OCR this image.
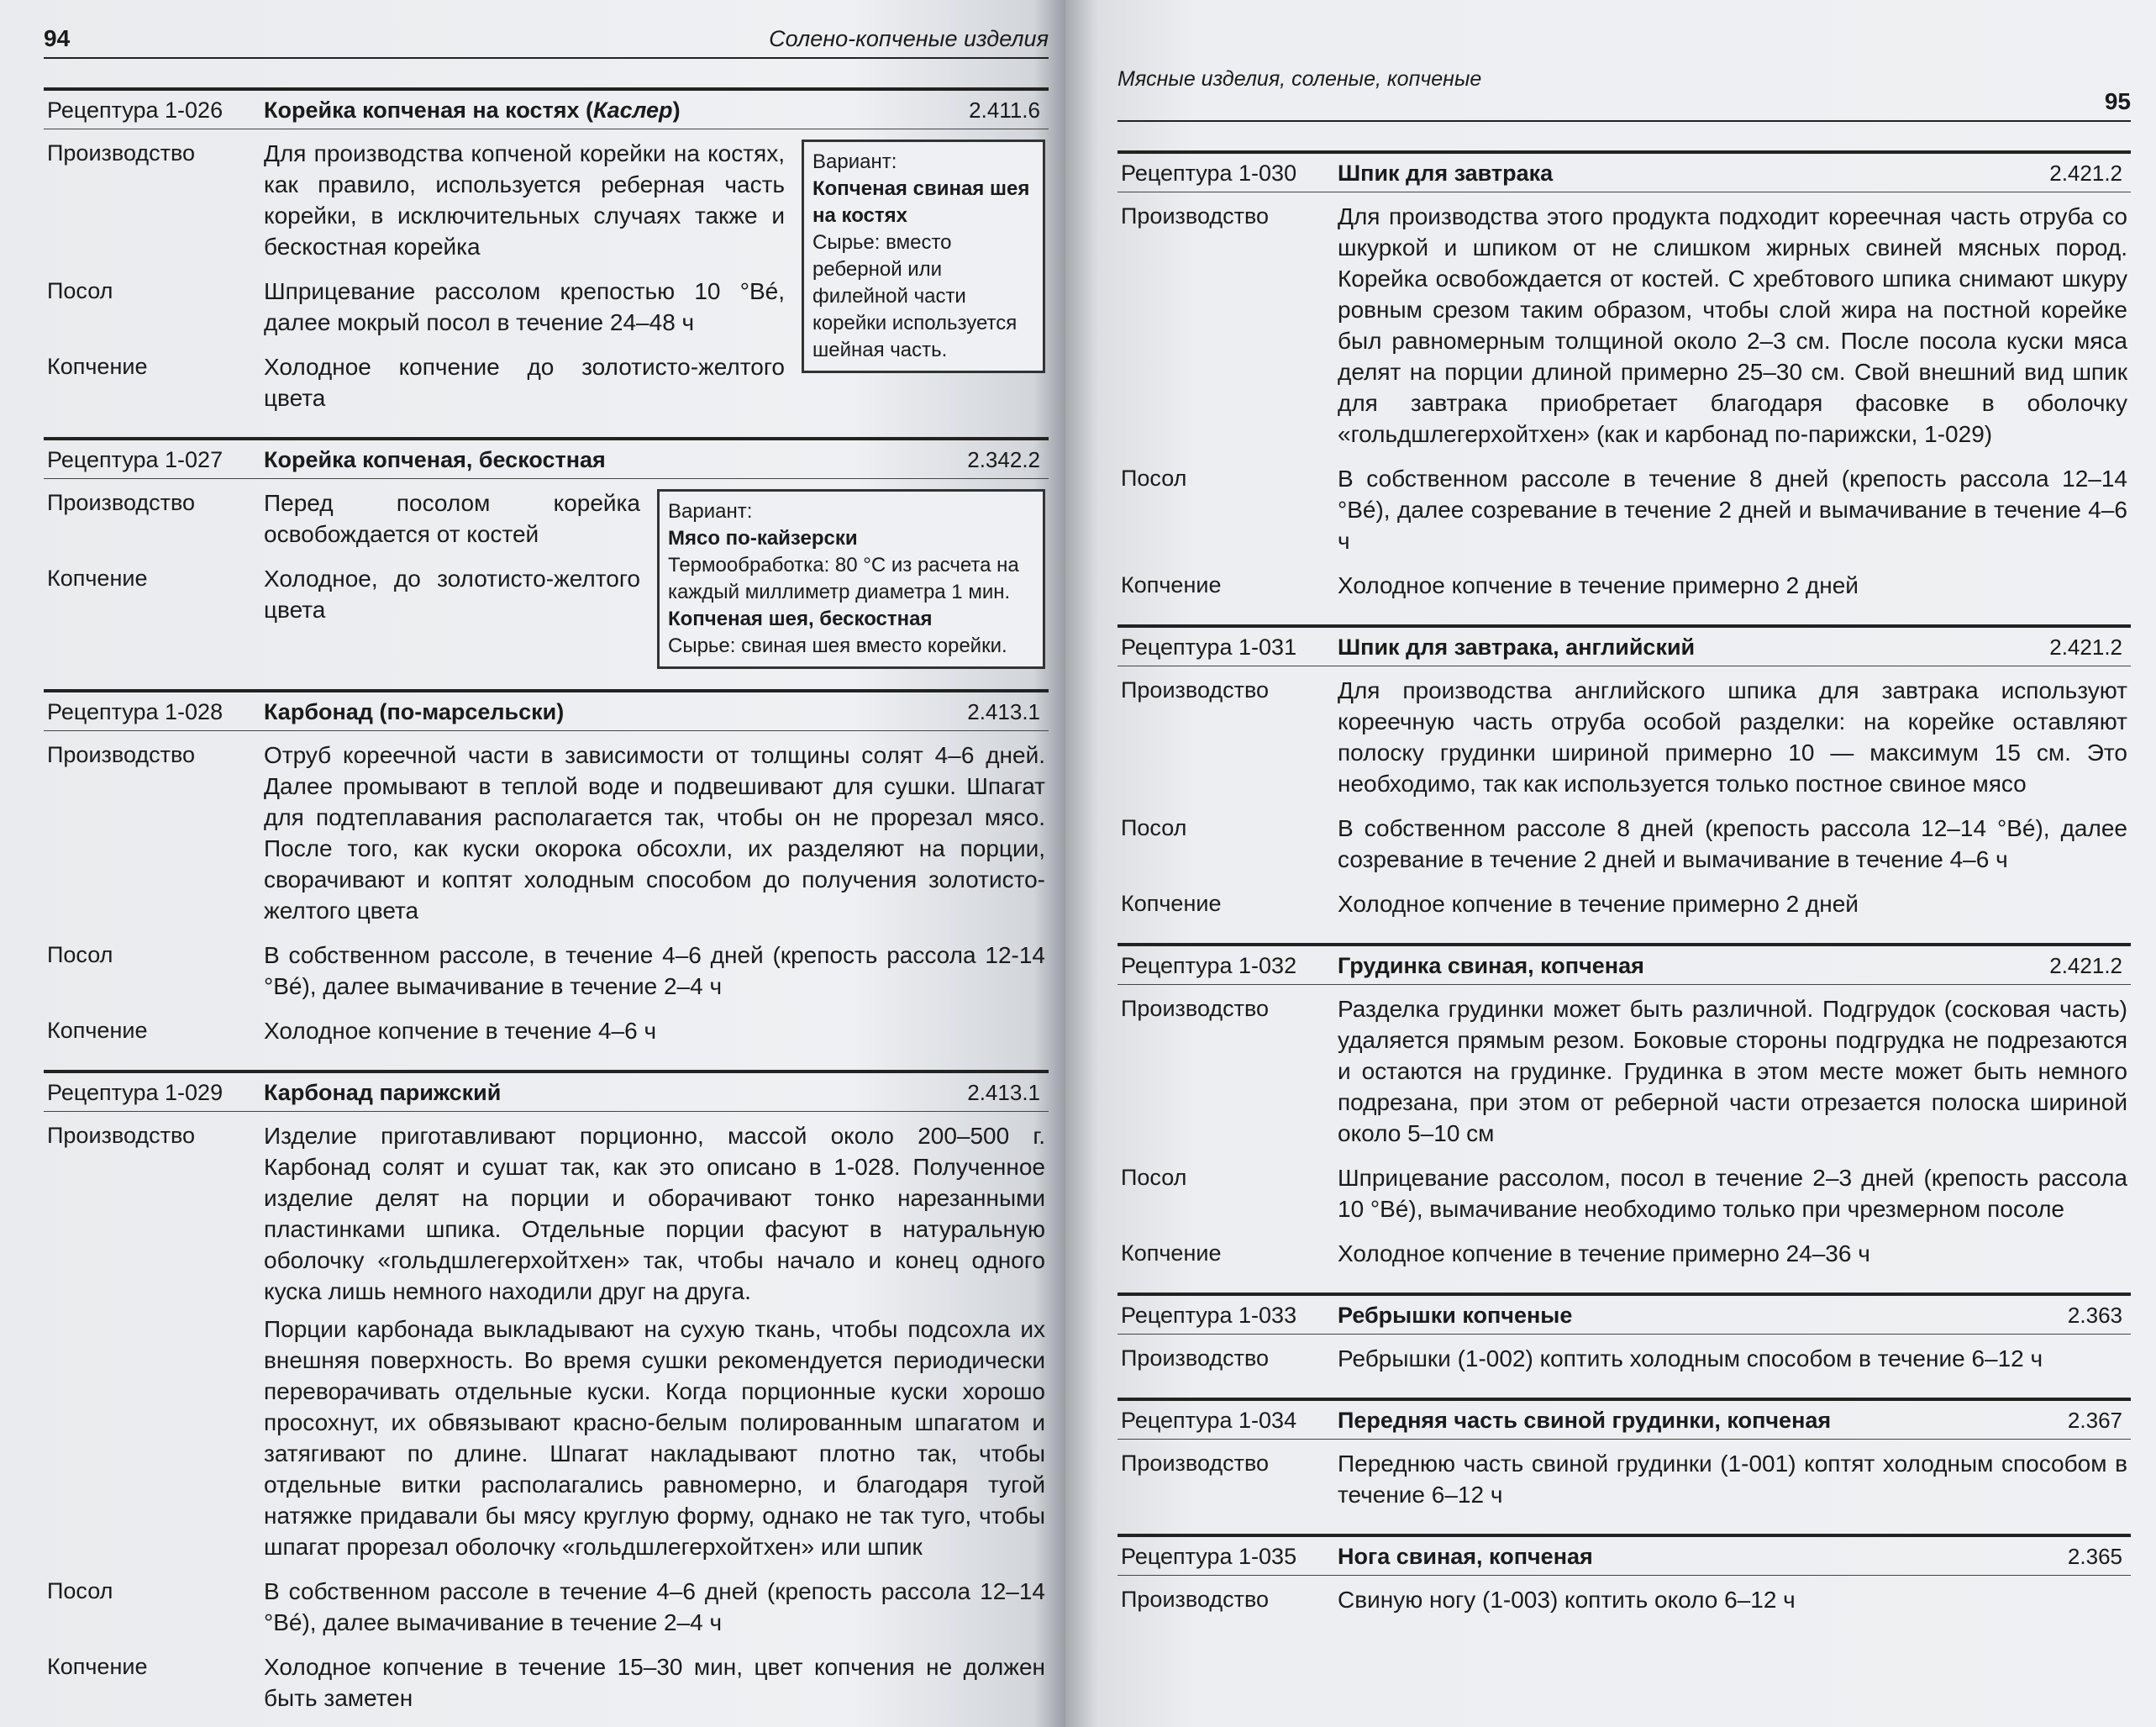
94	Солено-копченые изделия
Рецептура 1-026	Корейка копченая на костях (Каслер)	2.411.6

Вариант:

Копченая свиная шея на костях

Сырье: вместо реберной или филейной части корейки используется шейная часть.

Производство	Для производства копченой корейки на костях, как правило, используется реберная часть корейки, в исключительных случаях также и бескостная корейка

Посол	Шприцевание рассолом крепостью 10 °Bé, далее мокрый посол в течение 24–48 ч

Копчение	Холодное копчение до золотисто-желтого цвета

Рецептура 1-027	Корейка копченая, бескостная	2.342.2

Вариант:

Мясо по-кайзерски

Термообработка: 80 °С из расчета на каждый миллиметр диаметра 1 мин.

Копченая шея, бескостная

Сырье: свиная шея вместо корейки.

Производство	Перед посолом корейка освобождается от костей

Копчение	Холодное, до золотисто-желтого цвета

Рецептура 1-028	Карбонад (по-марсельски)	2.413.1
Производство	Отруб кореечной части в зависимости от толщины солят 4–6 дней. Далее промывают в теплой воде и подвешивают для сушки. Шпагат для подтеплавания располагается так, чтобы он не прорезал мясо. После того, как куски окорока обсохли, их разделяют на порции, сворачивают и коптят холодным способом до получения золотисто-желтого цвета

Посол	В собственном рассоле, в течение 4–6 дней (крепость рассола 12-14 °Bé), далее вымачивание в течение 2–4 ч

Копчение	Холодное копчение в течение 4–6 ч

Рецептура 1-029	Карбонад парижский	2.413.1
Производство	Изделие приготавливают порционно, массой около 200–500 г. Карбонад солят и сушат так, как это описано в 1-028. Полученное изделие делят на порции и оборачивают тонко нарезанными пластинками шпика. Отдельные порции фасуют в натуральную оболочку «гольдшлегерхойтхен» так, чтобы начало и конец одного куска лишь немного находили друг на друга.

Порции карбонада выкладывают на сухую ткань, чтобы подсохла их внешняя поверхность. Во время сушки рекомендуется периодически переворачивать отдельные куски. Когда порционные куски хорошо просохнут, их обвязывают красно-белым полированным шпагатом и затягивают по длине. Шпагат накладывают плотно так, чтобы отдельные витки располагались равномерно, и благодаря тугой натяжке придавали бы мясу круглую форму, однако не так туго, чтобы шпагат прорезал оболочку «гольдшлегерхойтхен» или шпик

Посол	В собственном рассоле в течение 4–6 дней (крепость рассола 12–14 °Bé), далее вымачивание в течение 2–4 ч

Копчение	Холодное копчение в течение 15–30 мин, цвет копчения не должен быть заметен

Мясные изделия, соленые, копченые
95
Рецептура 1-030	Шпик для завтрака	2.421.2
Производство	Для производства этого продукта подходит кореечная часть отруба со шкуркой и шпиком от не слишком жирных свиней мясных пород. Корейка освобождается от костей. С хребтового шпика снимают шкуру ровным срезом таким образом, чтобы слой жира на постной корейке был равномерным толщиной около 2–3 см. После посола куски мяса делят на порции длиной примерно 25–30 см. Свой внешний вид шпик для завтрака приобретает благодаря фасовке в оболочку «гольдшлегерхойтхен» (как и карбонад по-парижски, 1-029)

Посол	В собственном рассоле в течение 8 дней (крепость рассола 12–14 °Bé), далее созревание в течение 2 дней и вымачивание в течение 4–6 ч

Копчение	Холодное копчение в течение примерно 2 дней

Рецептура 1-031	Шпик для завтрака, английский	2.421.2
Производство	Для производства английского шпика для завтрака используют кореечную часть отруба особой разделки: на корейке оставляют полоску грудинки шириной примерно 10 — максимум 15 см. Это необходимо, так как используется только постное свиное мясо

Посол	В собственном рассоле 8 дней (крепость рассола 12–14 °Bé), далее созревание в течение 2 дней и вымачивание в течение 4–6 ч

Копчение	Холодное копчение в течение примерно 2 дней

Рецептура 1-032	Грудинка свиная, копченая	2.421.2
Производство	Разделка грудинки может быть различной. Подгрудок (сосковая часть) удаляется прямым резом. Боковые стороны подгрудка не подрезаются и остаются на грудинке. Грудинка в этом месте может быть немного подрезана, при этом от реберной части отрезается полоска шириной около 5–10 см

Посол	Шприцевание рассолом, посол в течение 2–3 дней (крепость рассола 10 °Bé), вымачивание необходимо только при чрезмерном посоле

Копчение	Холодное копчение в течение примерно 24–36 ч

Рецептура 1-033	Ребрышки копченые	2.363
Производство	Ребрышки (1-002) коптить холодным способом в течение 6–12 ч

Рецептура 1-034	Передняя часть свиной грудинки, копченая	2.367
Производство	Переднюю часть свиной грудинки (1-001) коптят холодным способом в течение 6–12 ч

Рецептура 1-035	Нога свиная, копченая	2.365
Производство	Свиную ногу (1-003) коптить около 6–12 ч
